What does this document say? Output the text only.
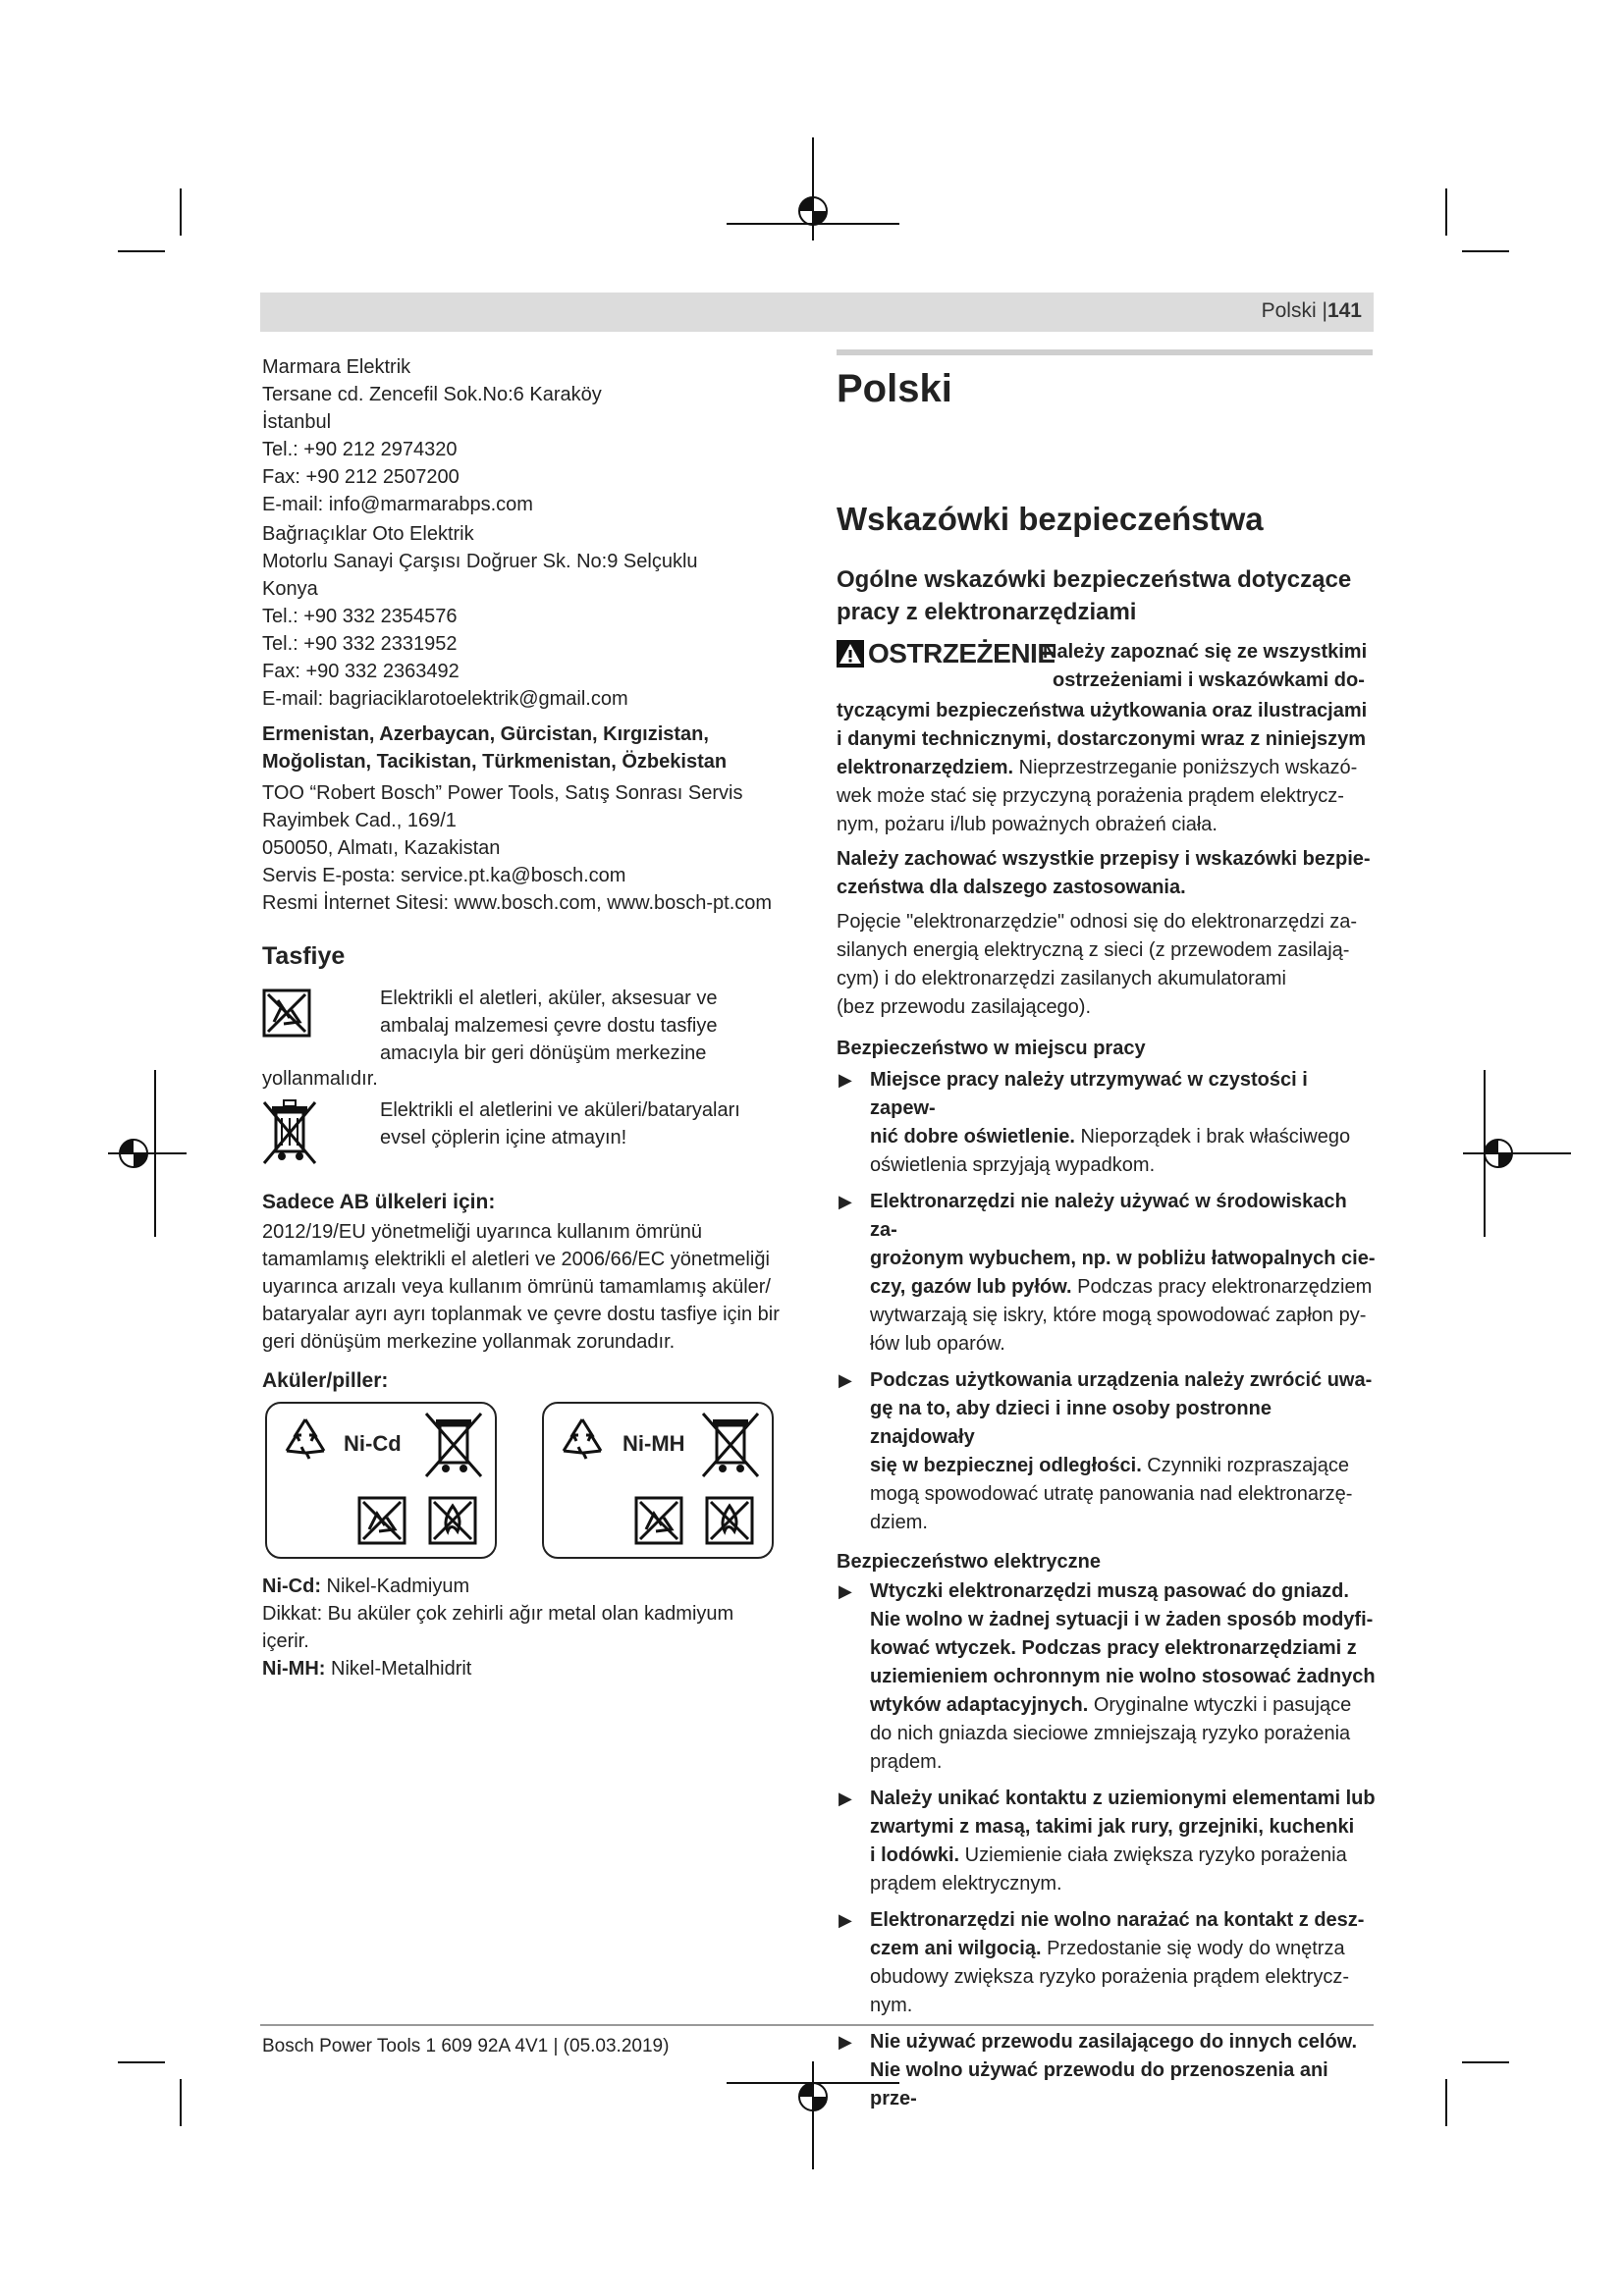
Polski |141
Marmara Elektrik
Tersane cd. Zencefil Sok.No:6 Karaköy
İstanbul
Tel.: +90 212 2974320
Fax: +90 212 2507200
E-mail: info@marmarabps.com
Bağrıaçıklar Oto Elektrik
Motorlu Sanayi Çarşısı Doğruer Sk. No:9 Selçuklu
Konya
Tel.: +90 332 2354576
Tel.: +90 332 2331952
Fax: +90 332 2363492
E-mail: bagriaciklarotoelektrik@gmail.com
Ermenistan, Azerbaycan, Gürcistan, Kırgızistan,
Moğolistan, Tacikistan, Türkmenistan, Özbekistan
TOO “Robert Bosch” Power Tools, Satış Sonrası Servis
Rayimbek Cad., 169/1
050050, Almatı, Kazakistan
Servis E-posta: service.pt.ka@bosch.com
Resmi İnternet Sitesi: www.bosch.com, www.bosch-pt.com
Tasfiye
Elektrikli el aletleri, aküler, aksesuar ve
ambalaj malzemesi çevre dostu tasfiye
amacıyla bir geri dönüşüm merkezine
yollanmalıdır.
Elektrikli el aletlerini ve aküleri/bataryaları
evsel çöplerin içine atmayın!
Sadece AB ülkeleri için:
2012/19/EU yönetmeliği uyarınca kullanım ömrünü
tamamlamış elektrikli el aletleri ve 2006/66/EC yönetmeliği
uyarınca arızalı veya kullanım ömrünü tamamlamış aküler/
bataryalar ayrı ayrı toplanmak ve çevre dostu tasfiye için bir
geri dönüşüm merkezine yollanmak zorundadır.
Aküler/piller:
Ni-Cd	Ni-MH
Ni-Cd: Nikel-Kadmiyum
Dikkat: Bu aküler çok zehirli ağır metal olan kadmiyum
içerir.
Ni-MH: Nikel-Metalhidrit
Polski
Wskazówki bezpieczeństwa
Ogólne wskazówki bezpieczeństwa dotyczące
pracy z elektronarzędziami
OSTRZEŻENIE
Należy zapoznać się ze wszystkimi
ostrzeżeniami i wskazówkami do-
tyczącymi bezpieczeństwa użytkowania oraz ilustracjami
i danymi technicznymi, dostarczonymi wraz z niniejszym
elektronarzędziem. Nieprzestrzeganie poniższych wskazó-
wek może stać się przyczyną porażenia prądem elektrycz-
nym, pożaru i/lub poważnych obrażeń ciała.
Należy zachować wszystkie przepisy i wskazówki bezpie-
czeństwa dla dalszego zastosowania.
Pojęcie "elektronarzędzie" odnosi się do elektronarzędzi za-
silanych energią elektryczną z sieci (z przewodem zasilają-
cym) i do elektronarzędzi zasilanych akumulatorami
(bez przewodu zasilającego).
Bezpieczeństwo w miejscu pracy
▶ Miejsce pracy należy utrzymywać w czystości i zapew-
nić dobre oświetlenie. Nieporządek i brak właściwego
oświetlenia sprzyjają wypadkom.
▶ Elektronarzędzi nie należy używać w środowiskach za-
grożonym wybuchem, np. w pobliżu łatwopalnych cie-
czy, gazów lub pyłów. Podczas pracy elektronarzędziem
wytwarzają się iskry, które mogą spowodować zapłon py-
łów lub oparów.
▶ Podczas użytkowania urządzenia należy zwrócić uwa-
gę na to, aby dzieci i inne osoby postronne znajdowały
się w bezpiecznej odległości. Czynniki rozpraszające
mogą spowodować utratę panowania nad elektronarzę-
dziem.
Bezpieczeństwo elektryczne
▶ Wtyczki elektronarzędzi muszą pasować do gniazd.
Nie wolno w żadnej sytuacji i w żaden sposób modyfi-
kować wtyczek. Podczas pracy elektronarzędziami z
uziemieniem ochronnym nie wolno stosować żadnych
wtyków adaptacyjnych. Oryginalne wtyczki i pasujące
do nich gniazda sieciowe zmniejszają ryzyko porażenia
prądem.
▶ Należy unikać kontaktu z uziemionymi elementami lub
zwartymi z masą, takimi jak rury, grzejniki, kuchenki
i lodówki. Uziemienie ciała zwiększa ryzyko porażenia
prądem elektrycznym.
▶ Elektronarzędzi nie wolno narażać na kontakt z desz-
czem ani wilgocią. Przedostanie się wody do wnętrza
obudowy zwiększa ryzyko porażenia prądem elektrycz-
nym.
▶ Nie używać przewodu zasilającego do innych celów.
Nie wolno używać przewodu do przenoszenia ani prze-
Bosch Power Tools 1 609 92A 4V1 | (05.03.2019)
